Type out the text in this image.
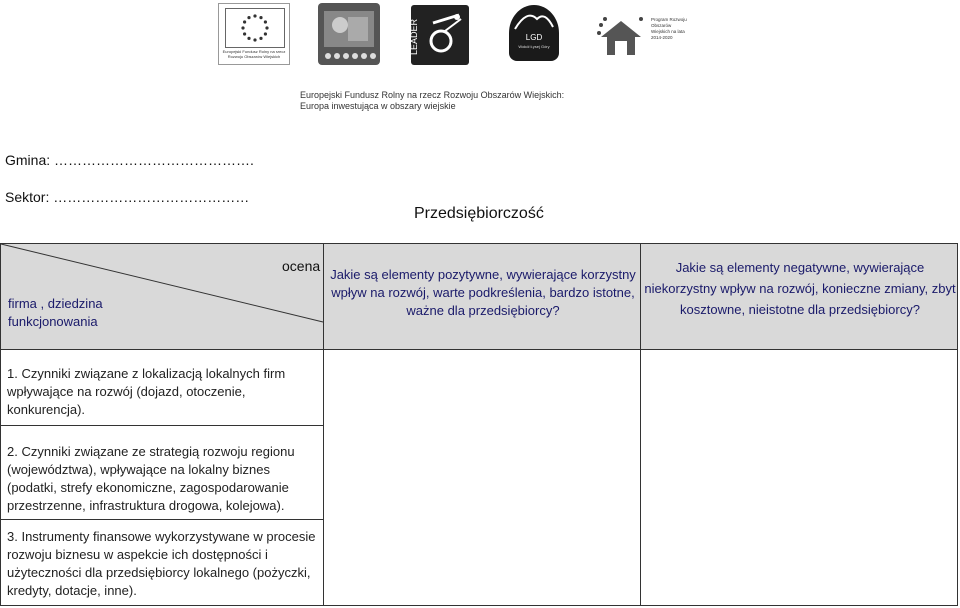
Europejski Fundusz Rolny na rzecz Rozwoju Obszarów Wiejskich
LEADER	LGD
Wokół Łysej Góry
Program Rozwoju Obszarów Wiejskich na lata 2014-2020
Europejski Fundusz Rolny na rzecz Rozwoju Obszarów Wiejskich:
Europa inwestująca w obszary wiejskie
Gmina: …………………………………….
Sektor: ……………………………………
Przedsiębiorczość
ocena
firma , dziedzina funkcjonowania
Jakie są elementy pozytywne, wywierające korzystny wpływ na rozwój, warte podkreślenia, bardzo istotne, ważne dla przedsiębiorcy?
Jakie są elementy negatywne, wywierające niekorzystny wpływ na rozwój, konieczne zmiany, zbyt kosztowne, nieistotne dla przedsiębiorcy?
1. Czynniki związane z lokalizacją lokalnych firm wpływające na rozwój (dojazd, otoczenie, konkurencja).
2. Czynniki związane ze strategią rozwoju regionu (województwa), wpływające na lokalny biznes (podatki, strefy ekonomiczne, zagospodarowanie przestrzenne, infrastruktura drogowa, kolejowa).
3. Instrumenty finansowe wykorzystywane w procesie rozwoju biznesu w aspekcie ich dostępności i użyteczności dla przedsiębiorcy lokalnego (pożyczki, kredyty, dotacje, inne).
